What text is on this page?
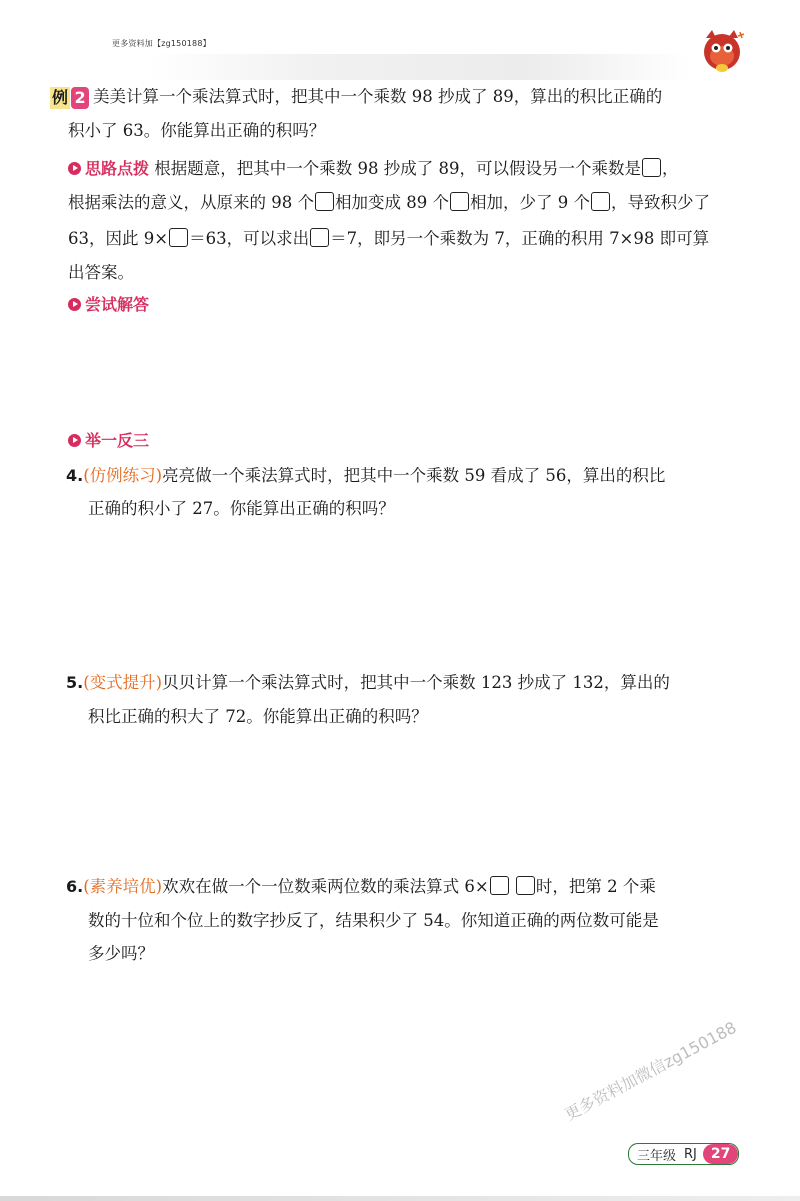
更多资料加【zg150188】
例 2 美美计算一个乘法算式时，把其中一个乘数 98 抄成了 89，算出的积比正确的
积小了 63。你能算出正确的积吗？
思路点拨 根据题意，把其中一个乘数 98 抄成了 89，可以假设另一个乘数是 ，
根据乘法的意义，从原来的 98 个 相加变成 89 个 相加，少了 9 个 ，导致积少了
63，因此 9× ＝63，可以求出 ＝7，即另一个乘数为 7，正确的积用 7×98 即可算
出答案。
尝试解答
举一反三
4.(仿例练习)亮亮做一个乘法算式时，把其中一个乘数 59 看成了 56，算出的积比
正确的积小了 27。你能算出正确的积吗？
5.(变式提升)贝贝计算一个乘法算式时，把其中一个乘数 123 抄成了 132，算出的
积比正确的积大了 72。你能算出正确的积吗？
6.(素养培优)欢欢在做一个一位数乘两位数的乘法算式 6×	时，把第 2 个乘
数的十位和个位上的数字抄反了，结果积少了 54。你知道正确的两位数可能是
多少吗？
更多资料加微信zg150188
三年级 RJ	27
